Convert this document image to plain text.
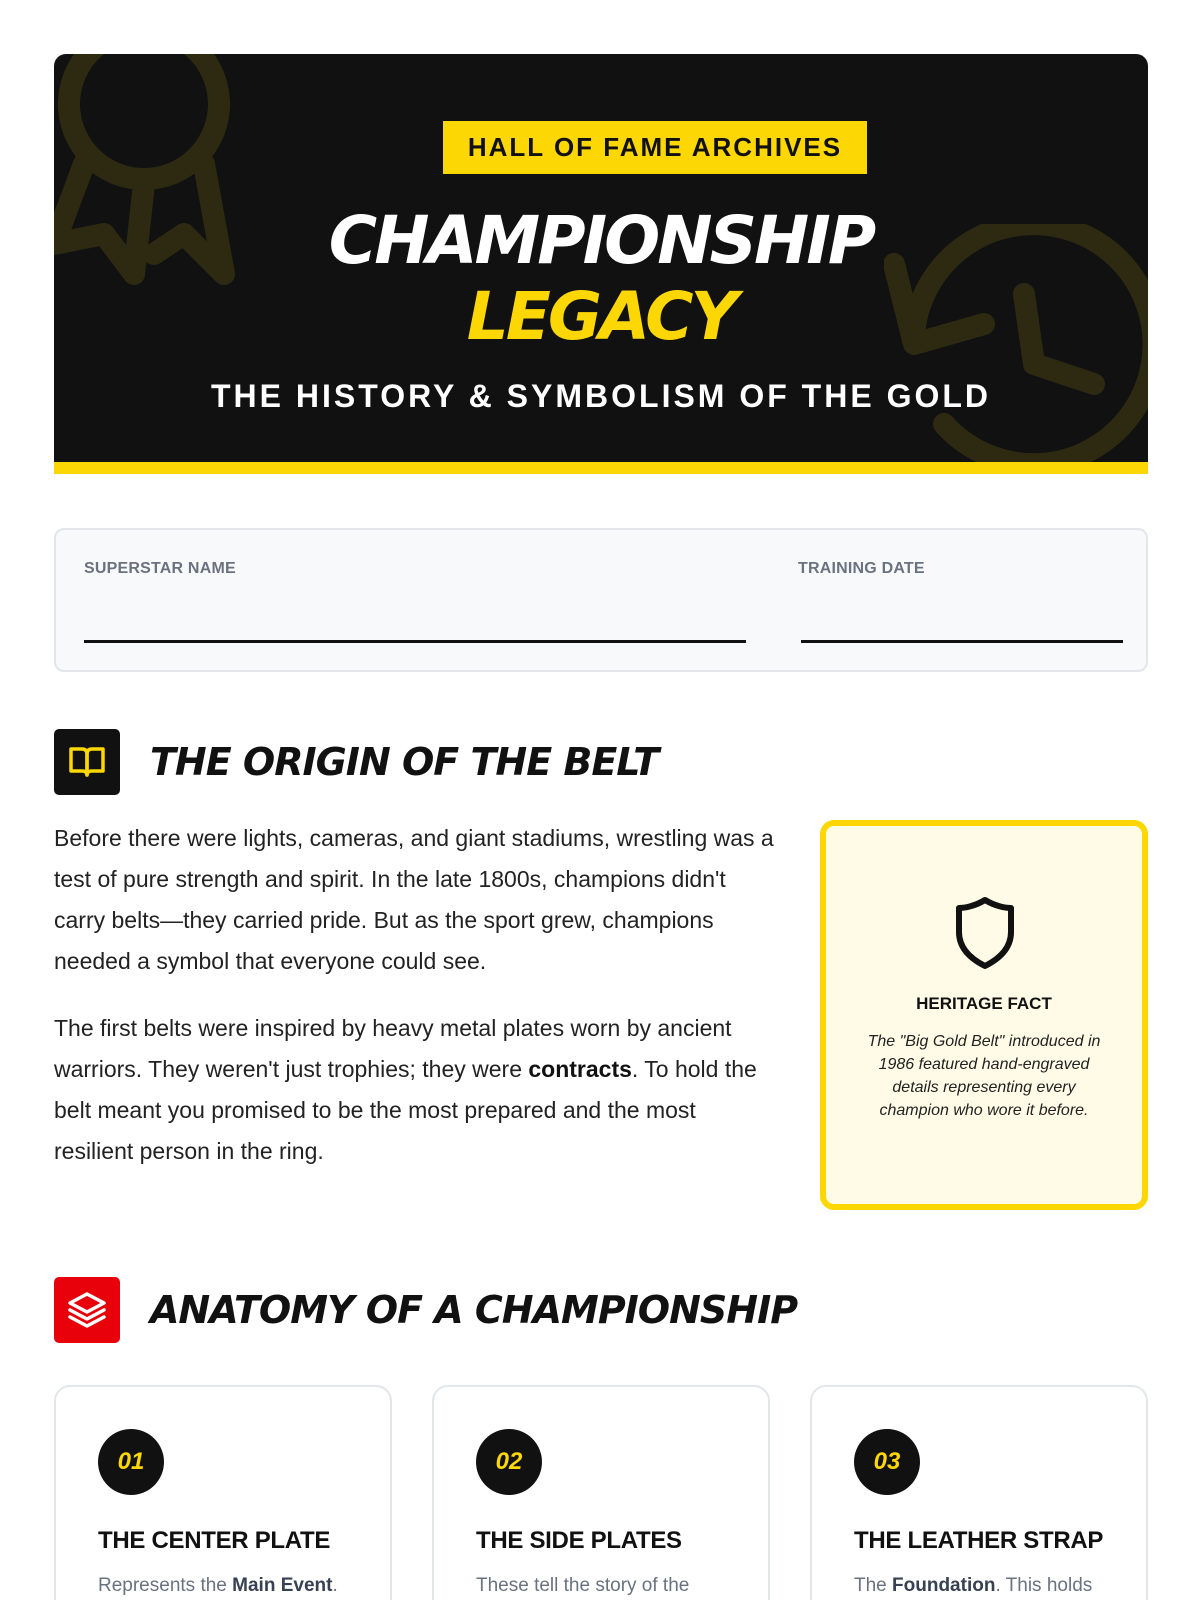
HALL OF FAME ARCHIVES
CHAMPIONSHIP
LEGACY
THE HISTORY & SYMBOLISM OF THE GOLD
SUPERSTAR NAME	TRAINING DATE
THE ORIGIN OF THE BELT

Before there were lights, cameras, and giant stadiums, wrestling was a test of pure strength and spirit. In the late 1800s, champions didn't carry belts—they carried pride. But as the sport grew, champions needed a symbol that everyone could see.

The first belts were inspired by heavy metal plates worn by ancient warriors. They weren't just trophies; they were contracts. To hold the belt meant you promised to be the most prepared and the most resilient person in the ring.

HERITAGE FACT
The "Big Gold Belt" introduced in 1986 featured hand-engraved details representing every champion who wore it before.
ANATOMY OF A CHAMPIONSHIP
01
THE CENTER PLATE
Represents the Main Event.
02
THE SIDE PLATES
These tell the story of the
03
THE LEATHER STRAP
The Foundation. This holds
